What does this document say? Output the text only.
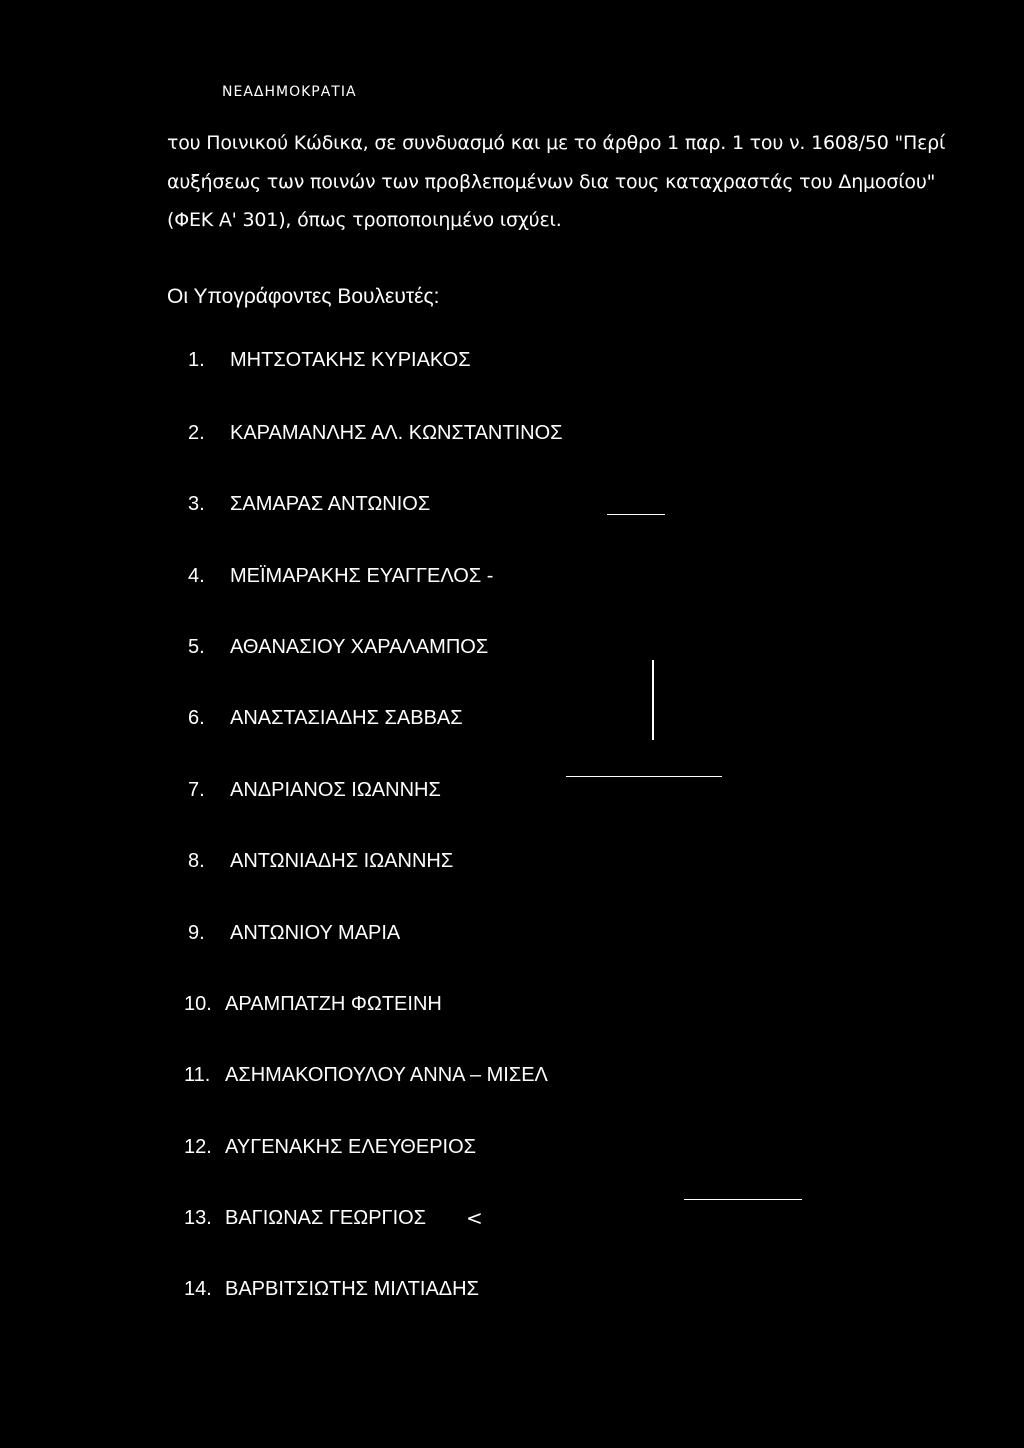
ΝΕΑΔΗΜΟΚΡΑΤΙΑ
του Ποινικού Κώδικα, σε συνδυασμό και με το άρθρο 1 παρ. 1 του ν. 1608/50 "Περί
αυξήσεως των ποινών των προβλεπομένων δια τους καταχραστάς του Δημοσίου"
(ΦΕΚ Α' 301), όπως τροποποιημένο ισχύει.
Οι Υπογράφοντες Βουλευτές:
1.	ΜΗΤΣΟΤΑΚΗΣ ΚΥΡΙΑΚΟΣ
2.	ΚΑΡΑΜΑΝΛΗΣ ΑΛ. ΚΩΝΣΤΑΝΤΙΝΟΣ
3.	ΣΑΜΑΡΑΣ ΑΝΤΩΝΙΟΣ
4.	ΜΕΪΜΑΡΑΚΗΣ ΕΥΑΓΓΕΛΟΣ -
5.	ΑΘΑΝΑΣΙΟΥ ΧΑΡΑΛΑΜΠΟΣ
6.	ΑΝΑΣΤΑΣΙΑΔΗΣ ΣΑΒΒΑΣ
7.	ΑΝΔΡΙΑΝΟΣ ΙΩΑΝΝΗΣ
8.	ΑΝΤΩΝΙΑΔΗΣ ΙΩΑΝΝΗΣ
9.	ΑΝΤΩΝΙΟΥ ΜΑΡΙΑ
10. ΑΡΑΜΠΑΤΖΗ ΦΩΤΕΙΝΗ
11. ΑΣΗΜΑΚΟΠΟΥΛΟΥ ΑΝΝΑ – ΜΙΣΕΛ
12. ΑΥΓΕΝΑΚΗΣ ΕΛΕΥΘΕΡΙΟΣ
13. ΒΑΓΙΩΝΑΣ ΓΕΩΡΓΙΟΣ
14. ΒΑΡΒΙΤΣΙΩΤΗΣ ΜΙΛΤΙΑΔΗΣ
<
